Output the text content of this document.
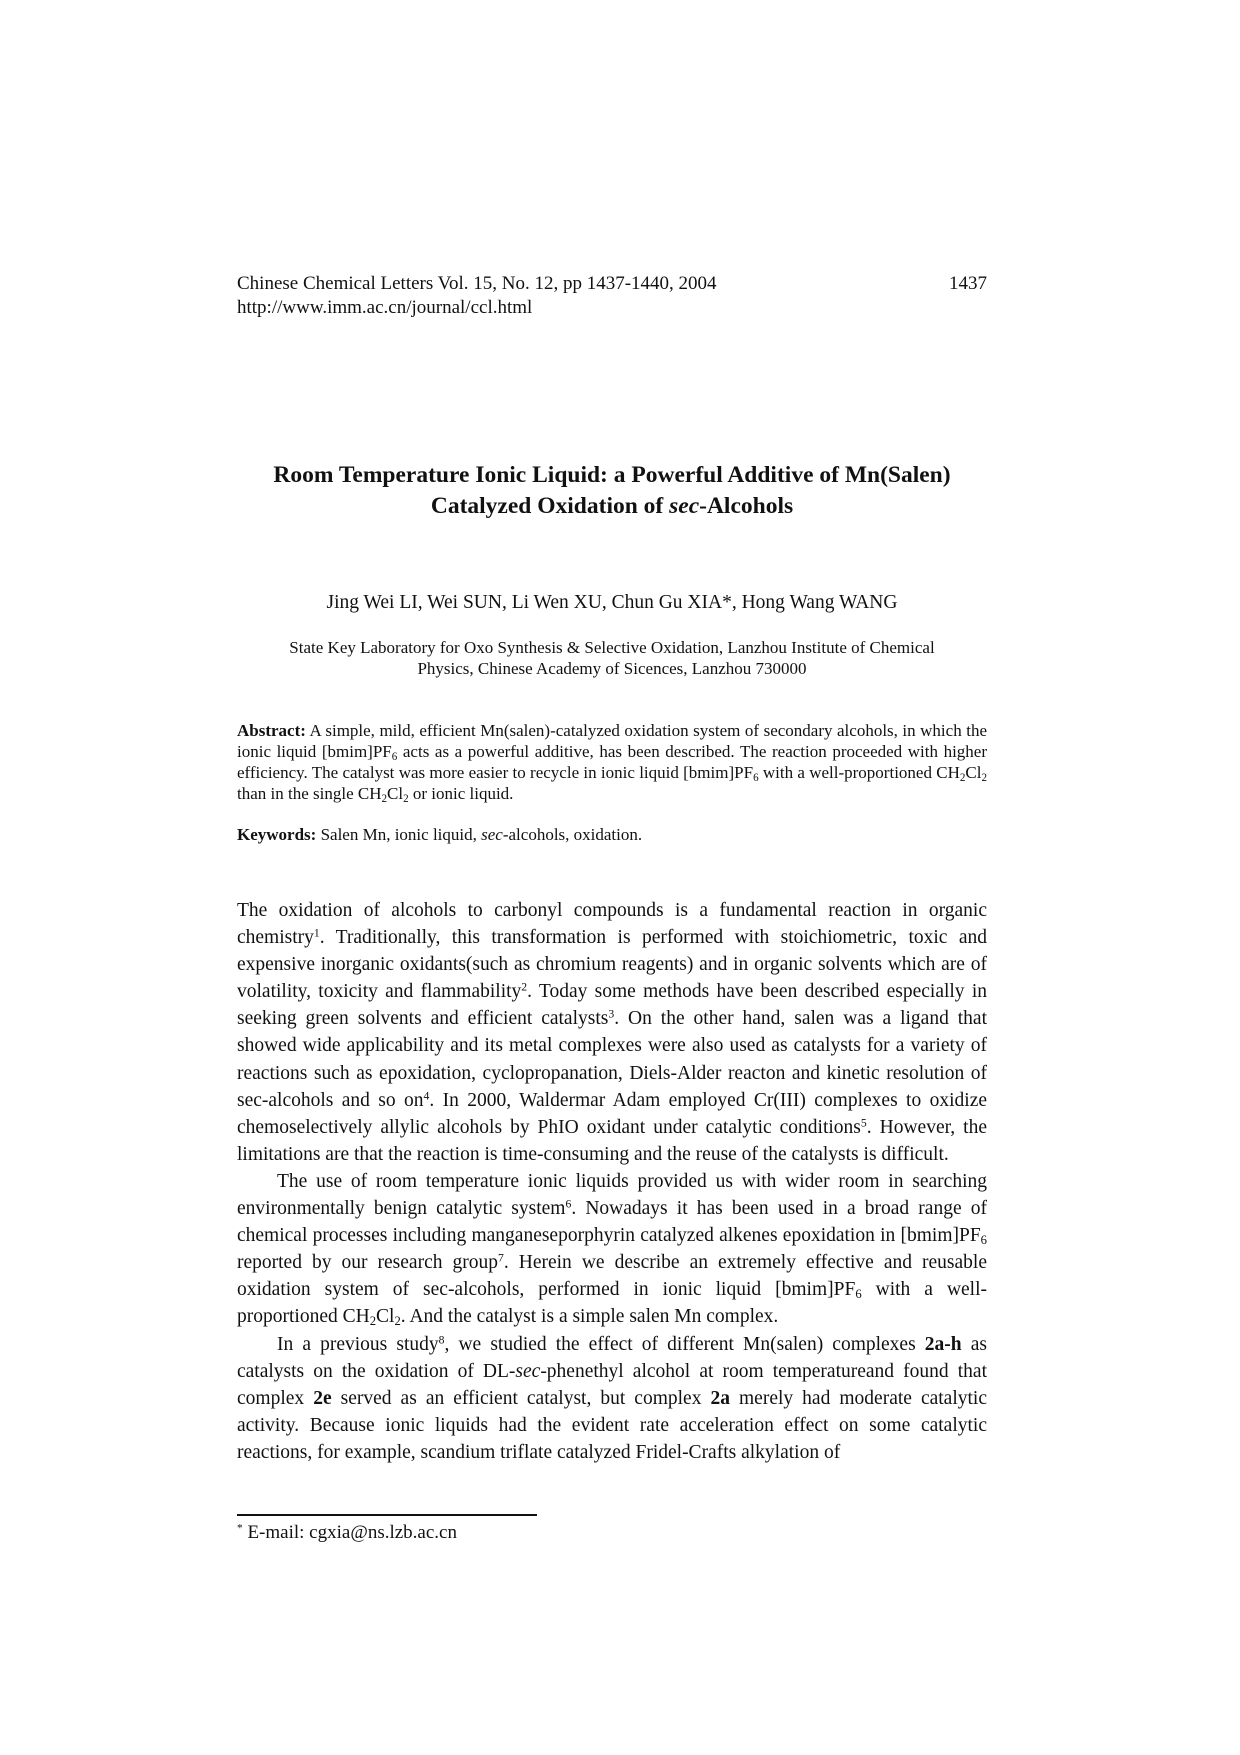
Chinese Chemical Letters Vol. 15, No. 12, pp 1437-1440, 2004	1437
http://www.imm.ac.cn/journal/ccl.html
Room Temperature Ionic Liquid: a Powerful Additive of Mn(Salen)
Catalyzed Oxidation of sec-Alcohols
Jing Wei LI, Wei SUN, Li Wen XU, Chun Gu XIA*, Hong Wang WANG
State Key Laboratory for Oxo Synthesis & Selective Oxidation, Lanzhou Institute of Chemical
Physics, Chinese Academy of Sicences, Lanzhou 730000
Abstract: A simple, mild, efficient Mn(salen)-catalyzed oxidation system of secondary alcohols, in which the ionic liquid $[bmim]PF_6$ acts as a powerful additive, has been described. The reaction proceeded with higher efficiency. The catalyst was more easier to recycle in ionic liquid $[bmim]PF_6$ with a well-proportioned $CH_2Cl_2$ than in the single $CH_2Cl_2$ or ionic liquid.
Keywords: Salen Mn, ionic liquid, sec-alcohols, oxidation.

The oxidation of alcohols to carbonyl compounds is a fundamental reaction in organic chemistry$^1$. Traditionally, this transformation is performed with stoichiometric, toxic and expensive inorganic oxidants(such as chromium reagents) and in organic solvents which are of volatility, toxicity and flammability$^2$. Today some methods have been described especially in seeking green solvents and efficient catalysts$^3$. On the other hand, salen was a ligand that showed wide applicability and its metal complexes were also used as catalysts for a variety of reactions such as epoxidation, cyclopropanation, Diels-Alder reacton and kinetic resolution of sec-alcohols and so $on^4$. In 2000, Waldermar Adam employed Cr(III) complexes to oxidize chemoselectively allylic alcohols by PhIO oxidant under catalytic conditions$^5$. However, the limitations are that the reaction is time-consuming and the reuse of the catalysts is difficult.

The use of room temperature ionic liquids provided us with wider room in searching environmentally benign catalytic system$^6$. Nowadays it has been used in a broad range of chemical processes including manganeseporphyrin catalyzed alkenes epoxidation in $[bmim]PF_6$ reported by our research group$^7$. Herein we describe an extremely effective and reusable oxidation system of sec-alcohols, performed in ionic liquid $[bmim]PF_6$ with a well-proportioned $CH_2Cl_2$. And the catalyst is a simple salen Mn complex.

In a previous study$^8$, we studied the effect of different Mn(salen) complexes 2a-h as catalysts on the oxidation of DL-sec-phenethyl alcohol at room temperatureand found that complex 2e served as an efficient catalyst, but complex 2a merely had moderate catalytic activity. Because ionic liquids had the evident rate acceleration effect on some catalytic reactions, for example, scandium triflate catalyzed Fridel-Crafts alkylation of

* E-mail: cgxia@ns.lzb.ac.cn
